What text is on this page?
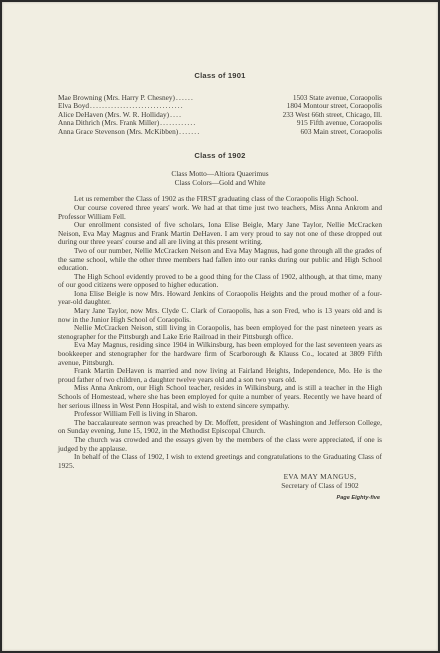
Class of 1901

Mae Browning (Mrs. Harry P. Chesney) ......	1503 State avenue, Coraopolis
Elva Boyd ...............................	1804 Montour street, Coraopolis
Alice DeHaven (Mrs. W. R. Holliday) ....	233 West 66th street, Chicago, Ill.
Anna Dithrich (Mrs. Frank Miller) ............	915 Fifth avenue, Coraopolis
Anna Grace Stevenson (Mrs. McKibben) .......	603 Main street, Coraopolis

Class of 1902

Class Motto—Altiora Quaerimus

Class Colors—Gold and White

Let us remember the Class of 1902 as the FIRST graduating class of the Coraopolis High School.

Our course covered three years' work. We had at that time just two teachers, Miss Anna Ankrom and Professor William Fell.

Our enrollment consisted of five scholars, Iona Elise Beigle, Mary Jane Taylor, Nellie McCracken Neison, Eva May Magnus and Frank Martin DeHaven. I am very proud to say not one of these dropped out during our three years' course and all are living at this present writing.

Two of our number, Nellie McCracken Neison and Eva May Magnus, had gone through all the grades of the same school, while the other three members had fallen into our ranks during our public and High School education.

The High School evidently proved to be a good thing for the Class of 1902, although, at that time, many of our good citizens were opposed to higher education.

Iona Elise Beigle is now Mrs. Howard Jenkins of Coraopolis Heights and the proud mother of a four-year-old daughter.

Mary Jane Taylor, now Mrs. Clyde C. Clark of Coraopolis, has a son Fred, who is 13 years old and is now in the Junior High School of Coraopolis.

Nellie McCracken Neison, still living in Coraopolis, has been employed for the past nineteen years as stenographer for the Pittsburgh and Lake Erie Railroad in their Pittsburgh office.

Eva May Magnus, residing since 1904 in Wilkinsburg, has been employed for the last seventeen years as bookkeeper and stenographer for the hardware firm of Scarborough & Klauss Co., located at 3809 Fifth avenue, Pittsburgh.

Frank Martin DeHaven is married and now living at Fairland Heights, Independence, Mo. He is the proud father of two children, a daughter twelve years old and a son two years old.

Miss Anna Ankrom, our High School teacher, resides in Wilkinsburg, and is still a teacher in the High Schools of Homestead, where she has been employed for quite a number of years. Recently we have heard of her serious illness in West Penn Hospital, and wish to extend sincere sympathy.

Professor William Fell is living in Sharon.

The baccalaureate sermon was preached by Dr. Moffett, president of Washington and Jefferson College, on Sunday evening, June 15, 1902, in the Methodist Episcopal Church.

The church was crowded and the essays given by the members of the class were appreciated, if one is judged by the applause.

In behalf of the Class of 1902, I wish to extend greetings and congratulations to the Graduating Class of 1925.

EVA MAY MANGUS,
Secretary of Class of 1902
Page Eighty-five
